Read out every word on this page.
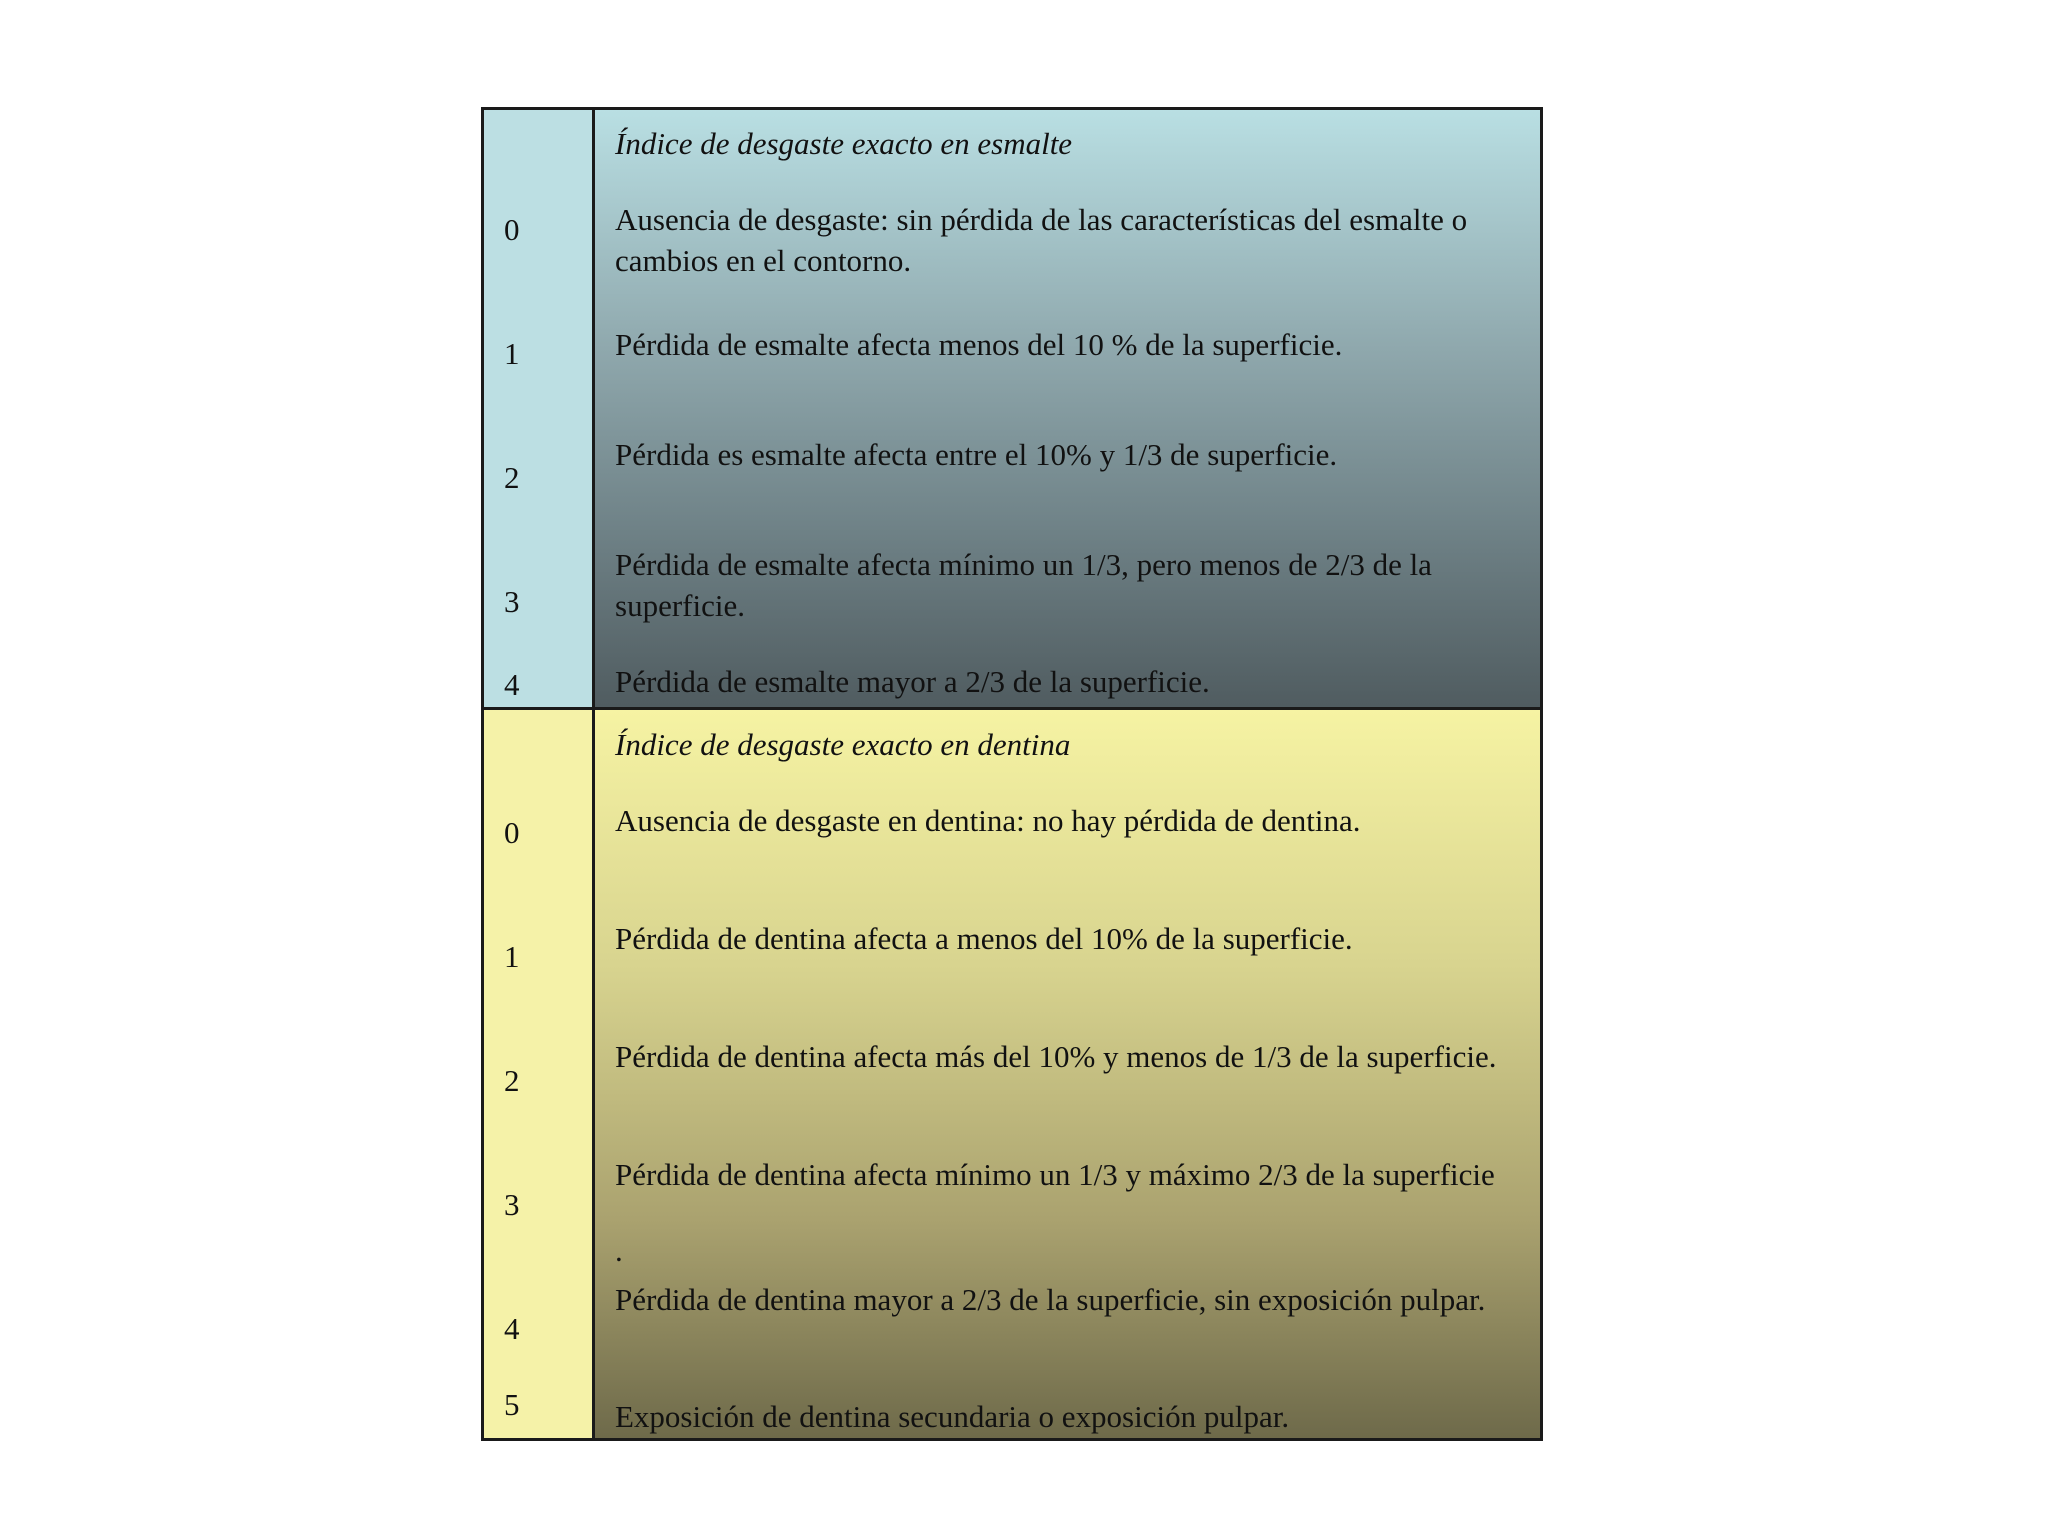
0
1
2
3
4
Índice de desgaste exacto en esmalte
Ausencia de desgaste: sin pérdida de las características del esmalte o cambios en el contorno.
Pérdida de esmalte afecta menos del 10 % de la superficie.
Pérdida es esmalte afecta entre el 10% y 1/3 de superficie.
Pérdida de esmalte afecta mínimo un 1/3, pero menos de 2/3 de la superficie.
Pérdida de esmalte mayor a 2/3 de la superficie.
0
1
2
3
4
5
Índice de desgaste exacto en dentina
Ausencia de desgaste en dentina: no hay pérdida de dentina.
Pérdida de dentina afecta a menos del 10% de la superficie.
Pérdida de dentina afecta más del 10% y menos de 1/3 de la superficie.
Pérdida de dentina afecta mínimo un 1/3 y máximo 2/3 de la superficie
.
Pérdida de dentina mayor a 2/3 de la superficie, sin exposición pulpar.
Exposición de dentina secundaria o exposición pulpar.
